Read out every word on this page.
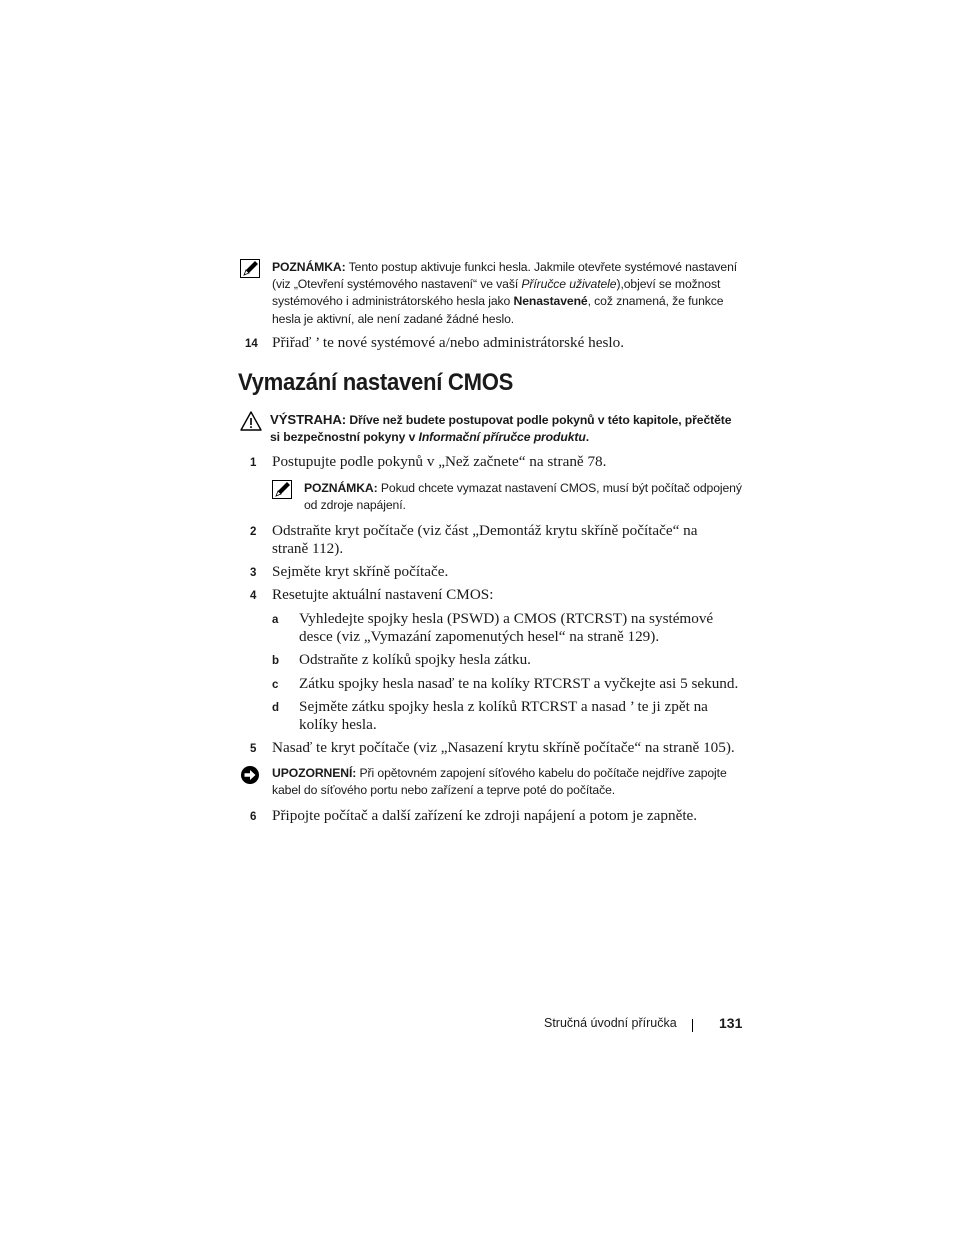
POZNÁMKA: Tento postup aktivuje funkci hesla. Jakmile otevřete systémové nastavení (viz „Otevření systémového nastavení“ ve vaší Příručce uživatele),objeví se možnost systémového i administrátorského hesla jako Nenastavené, což znamená, že funkce hesla je aktivní, ale není zadané žádné heslo.
14 Přiřaď ’ te nové systémové a/nebo administrátorské heslo.
Vymazání nastavení CMOS
VÝSTRAHA: Dříve než budete postupovat podle pokynů v této kapitole, přečtěte si bezpečnostní pokyny v Informační příručce produktu.
1 Postupujte podle pokynů v „Než začnete“ na straně 78.
POZNÁMKA: Pokud chcete vymazat nastavení CMOS, musí být počítač odpojený od zdroje napájení.
2 Odstraňte kryt počítače (viz část „Demontáž krytu skříně počítače“ na straně 112).
3 Sejměte kryt skříně počítače.
4 Resetujte aktuální nastavení CMOS:
a Vyhledejte spojky hesla (PSWD) a CMOS (RTCRST) na systémové desce (viz „Vymazání zapomenutých hesel“ na straně 129).
b Odstraňte z kolíků spojky hesla zátku.
c Zátku spojky hesla nasaď te na kolíky RTCRST a vyčkejte asi 5 sekund.
d Sejměte zátku spojky hesla z kolíků RTCRST a nasad ’ te ji zpět na kolíky hesla.
5 Nasaď te kryt počítače (viz „Nasazení krytu skříně počítače“ na straně 105).
UPOZORNENÍ: Při opětovném zapojení síťového kabelu do počítače nejdříve zapojte kabel do síťového portu nebo zařízení a teprve poté do počítače.
6 Připojte počítač a další zařízení ke zdroji napájení a potom je zapněte.
Stručná úvodní příručka	131
